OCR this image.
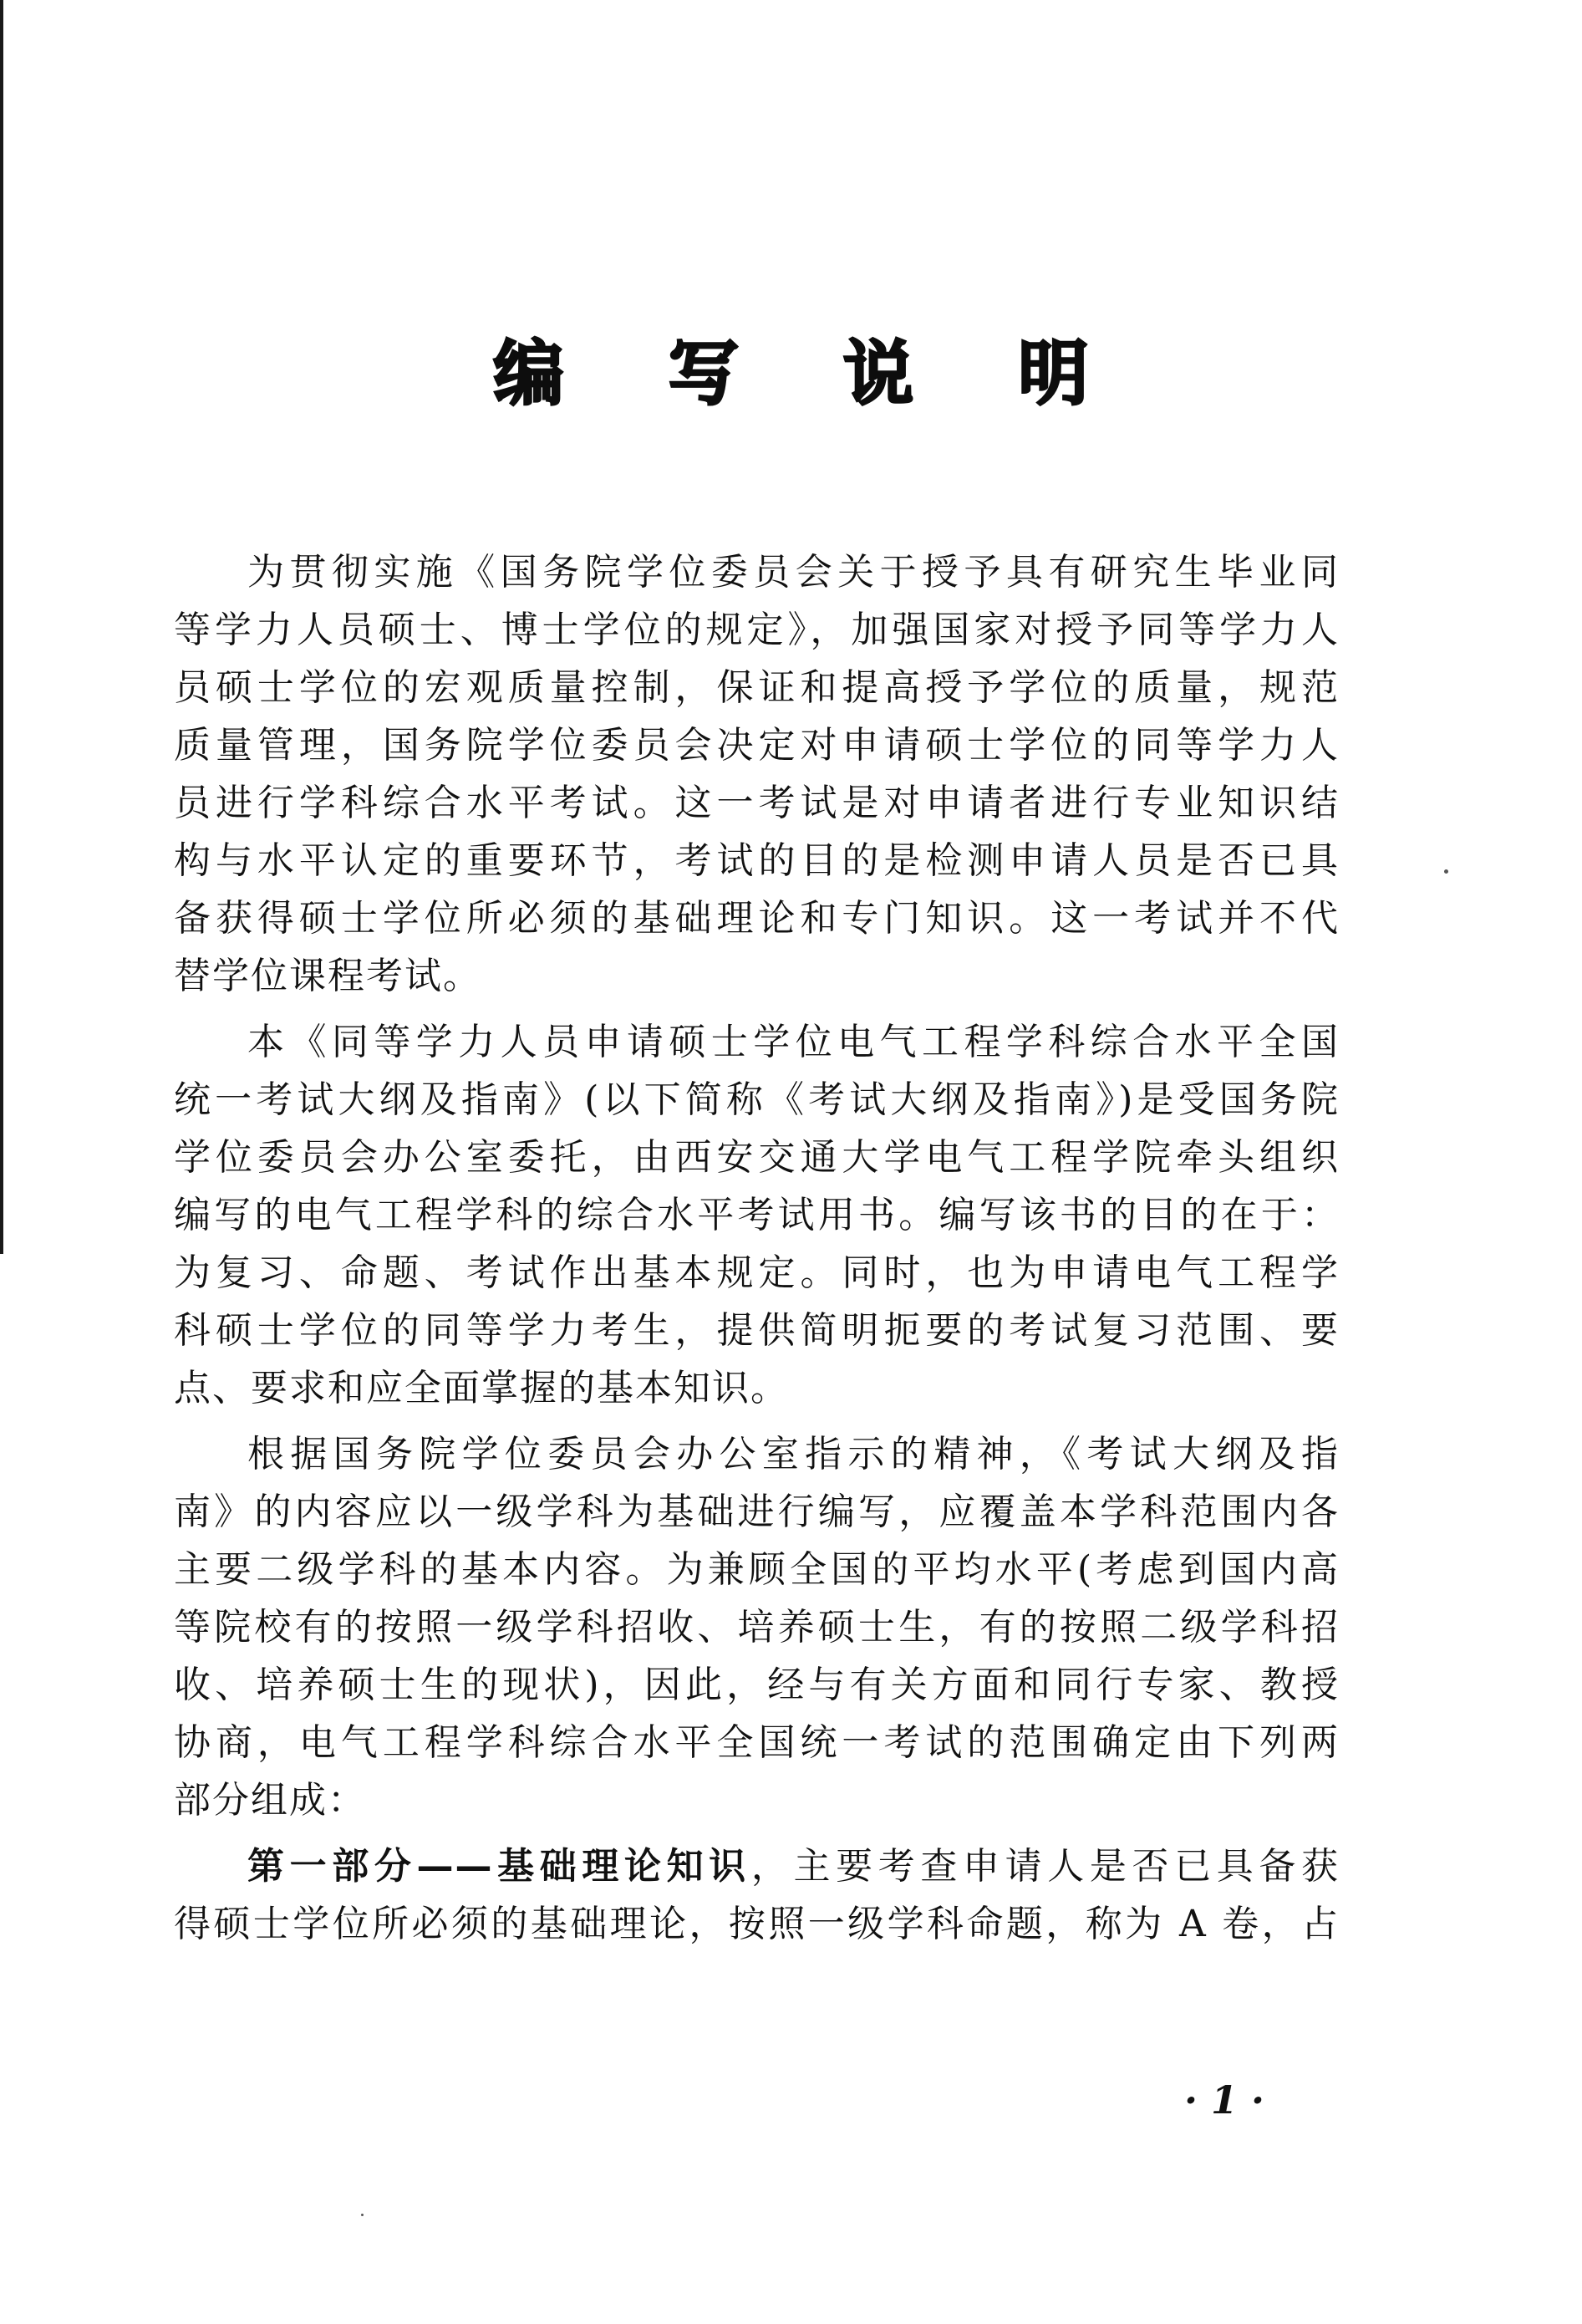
编 写 说 明
为贯彻实施《国务院学位委员会关于授予具有研究生毕业同
等学力人员硕士、博士学位的规定》，加强国家对授予同等学力人
员硕士学位的宏观质量控制，保证和提高授予学位的质量，规范
质量管理，国务院学位委员会决定对申请硕士学位的同等学力人
员进行学科综合水平考试。这一考试是对申请者进行专业知识结
构与水平认定的重要环节，考试的目的是检测申请人员是否已具
备获得硕士学位所必须的基础理论和专门知识。这一考试并不代
替学位课程考试。
本《同等学力人员申请硕士学位电气工程学科综合水平全国
统一考试大纲及指南》(以下简称《考试大纲及指南》)是受国务院
学位委员会办公室委托，由西安交通大学电气工程学院牵头组织
编写的电气工程学科的综合水平考试用书。编写该书的目的在于：
为复习、命题、考试作出基本规定。同时，也为申请电气工程学
科硕士学位的同等学力考生，提供简明扼要的考试复习范围、要
点、要求和应全面掌握的基本知识。
根据国务院学位委员会办公室指示的精神，《考试大纲及指
南》的内容应以一级学科为基础进行编写，应覆盖本学科范围内各
主要二级学科的基本内容。为兼顾全国的平均水平(考虑到国内高
等院校有的按照一级学科招收、培养硕士生，有的按照二级学科招
收、培养硕士生的现状)，因此，经与有关方面和同行专家、教授
协商，电气工程学科综合水平全国统一考试的范围确定由下列两
部分组成：
第一部分——基础理论知识，主要考查申请人是否已具备获
得硕士学位所必须的基础理论，按照一级学科命题，称为 A 卷，占
· 1 ·
